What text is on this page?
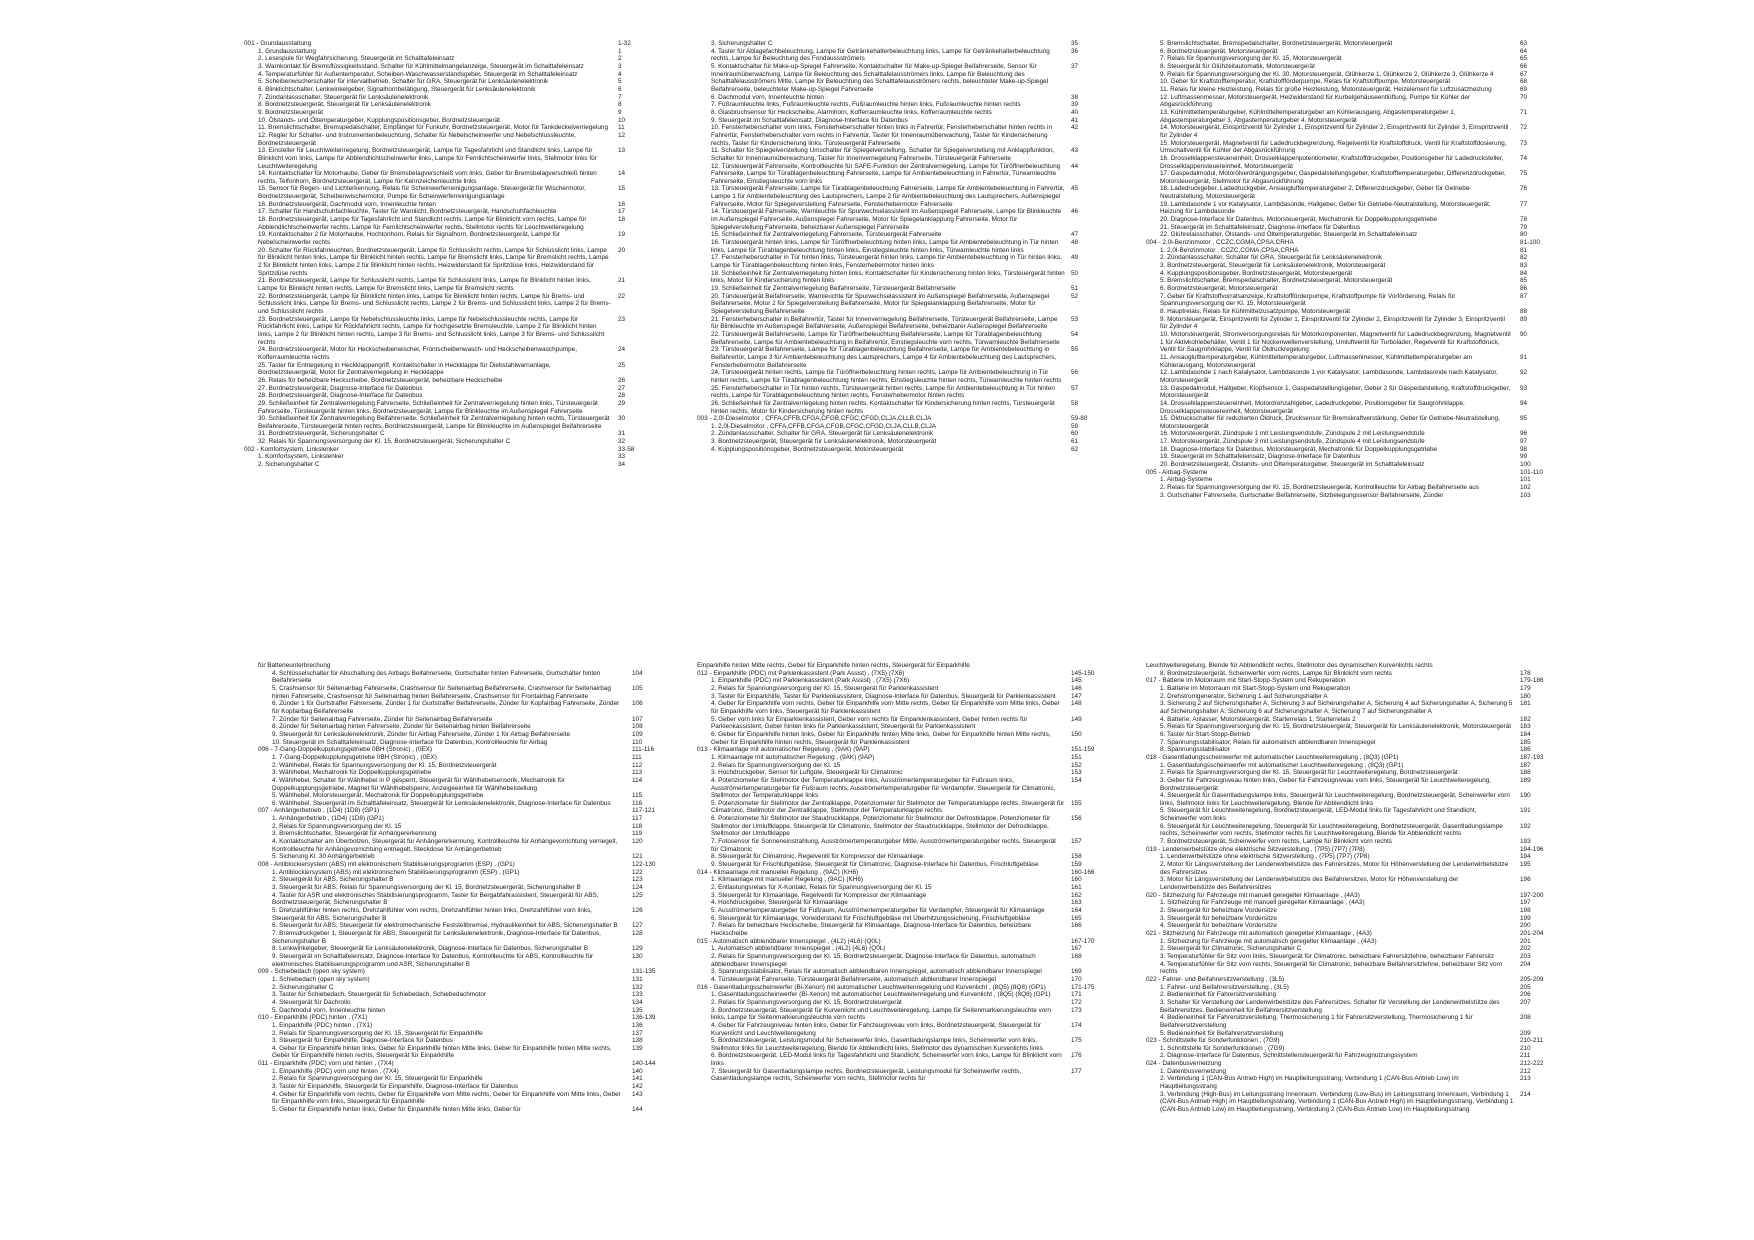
001 - Grundausstattung	1-32
1. Grundausstattung	1
2. Lesespule für Wegfahrsicherung, Steuergerät im Schalttafeleinsatz	2
3. Warnkontakt für Bremsflüssigkeitsstand, Schalter für Kühlmittelmangelanzeige, Steuergerät im Schalttafeleinsatz	3
4. Temperaturfühler für Außentemperatur, Scheiben-Waschwasserstandsgeber, Steuergerät im Schalttafeleinsatz	4
5. Scheibenwischerschalter für intervallbetrieb, Schalter für GRA, Steuergerät für Lenksäulenelektronik	5
6. Blinklichtschalter, Lenkwinkelgeber, Signalhornbetätigung, Steuergerät für Lenksäulenelektronik	6
7. Zündanlassschalter, Steuergerät für Lenksäulenelektronik	7
8. Bordnetzsteuergerät, Steuergerät für Lenksäulenelektronik	8
9. Bordnetzsteuergerät	9
10. Ölstands- und Öltemperaturgeber, Kupplungspositionsgeber, Bordnetzsteuergerät	10
11. Bremslichtschalter, Bremspedalschalter, Empfänger für Funkuhr, Bordnetzsteuergerät, Motor für Tankdeckelverriegelung	11
12. Regler für Schalter- und Instrumentenbeleuchtung, Schalter für Nebelscheinwerfer und Nebelschlussleuchte, Bordnetzsteuergerät
12
13. Einsteller für Leuchtweitenregelung, Bordnetzsteuergerät, Lampe für Tagesfahrlicht und Standlicht links, Lampe für Blinklicht vorn links, Lampe für Abblendlichtscheinwerfer links, Lampe für Fernlichtscheinwerfer links, Stellmotor links für Leuchtweiteregelung
13
14. Kontaktschalter für Motorhaube, Geber für Bremsbelagverschleiß vorn links, Geber für Bremsbelagverschleiß hinten rechts, Telfonhorn, Bordnetzsteuergerät, Lampe für Kennzeichenleuchte links
14
15. Sensor für Regen- und Lichterkennung, Relais für Scheinwerferreinigungsanlage, Steuergerät für Wischermotor, Bordnetzsteuergerät, Scheibenwischermotor, Pumpe für Scheinwerferreinigungsanlage
15
16. Bordnetzsteuergerät, Dachmodul vorn, Innenleuchte hinten	16
17. Schalter für Handschuhfachleuchte, Taster für Warnlicht, Bordnetzsteuergerät, Handschuhfachleuchte	17
18. Bordnetzsteuergerät, Lampe für Tagesfahrlicht und Standlicht rechts, Lampe für Blinklicht vorn rechts, Lampe für Abblendlichtscheinwerfer rechts, Lampe für Fernlichtscheinwerfer rechts, Stellmotor rechts für Leuchtweiteregelung
18
19. Kontaktschalter 2 für Motorhaube, Hochtonhorn, Relais für Signalhorn, Bordnetzsteuergerät, Lampe für Nebelscheinwerfer rechts
19
20. Schalter für Rückfahrleuchten, Bordnetzsteuergerät, Lampe für Schlusslicht rechts, Lampe für Schlusslicht links, Lampe für Blinklicht hinten links, Lampe für Blinklicht hinten rechts, Lampe für Bremslicht links, Lampe für Bremslicht rechts, Lampe 2 für Blinklicht hinten links, Lampe 2 für Blinklicht hinten rechts, Heizwiderstand für Spritzdüse links, Heizwiderstand für Spritzdüse rechts
20
21. Bordnetzsteuergerät, Lampe für Schlusslicht rechts, Lampe für Schlusslicht links, Lampe für Blinklicht hinten links, Lampe für Blinklicht hinten rechts, Lampe für Bremslicht links, Lampe für Bremslicht rechts
21
22. Bordnetzsteuergerät, Lampe für Blinklicht hinten links, Lampe für Blinklicht hinten rechts, Lampe für Brems- und Schlusslicht links, Lampe für Brems- und Schlusslicht rechts, Lampe 2 für Brems- und Schlusslicht links, Lampe 2 für Brems- und Schlusslicht rechts
22
23. Bordnetzsteuergerät, Lampe für Nebelschlussleuchte links, Lampe für Nebelschlussleuchte rechts, Lampe für Rückfahrlicht links, Lampe für Rückfahrlicht rechts, Lampe für hochgesetzte Bremsleuchte, Lampe 2 für Blinklicht hinten links, Lampe 2 für Blinklicht hinten rechts, Lampe 3 für Brems- und Schlusslicht links, Lampe 3 für Brems- und Schlusslicht rechts
23
24. Bordnetzsteuergerät, Motor für Heckscheibenwischer, Frontscheibenwasch- und Heckscheibenwaschpumpe, Kofferraumleuchte rechts
24
25. Taster für Entriegelung in Heckklappengriff, Kontaktschalter in Heckklappe für Diebstahlwarnanlage, Bordnetzsteuergerät, Motor für Zentralverriegelung in Heckklappe
25
26. Relais für beheizbare Heckscheibe, Bordnetzsteuergerät, beheizbare Heckscheibe	26
27. Bordnetzsteuergerät, Diagnose-Interface für Datenbus	27
28. Bordnetzsteuergerät, Diagnose-Interface für Datenbus	28
29. Schließeinheit für Zentralverriegelung Fahrerseite, Schließeinheit für Zentralverriegelung hinten links, Türsteuergerät Fahrerseite, Türsteuergerät hinten links, Bordnetzsteuergerät, Lampe für Blinkleuchte im Außenspiegel Fahrerseite
29
30. Schließeinheit für Zentralverriegelung Beifahrerseite, Schließeinheit für Zentralverriegelung hinten rechts, Türsteuergerät Beifahrerseite, Türsteuergerät hinten rechts, Bordnetzsteuergerät, Lampe für Blinkleuchte im Außenspiegel Beifahrerseite
30
31. Bordnetzsteuergerät, Sicherungshalter C	31
32. Relais für Spannungsversorgung der Kl. 15, Bordnetzsteuergerät, Sicherungshalter C	32
002 - Komfortsystem, Linkslenker	33-58
1. Komfortsystem, Linkslenker	33
2. Sicherungshalter C	34
3. Sicherungshalter C	35
4. Taster für Ablagefachbeleuchtung, Lampe für Getränkehalterbeleuchtung links, Lampe für Getränkehalterbeleuchtung rechts, Lampe für Beleuchtung des Fondaussströmers
36
5. Kontaktschalter für Make-up-Spiegel Fahrerseite, Kontaktschalter für Make-up-Spiegel Beifahrerseite, Sensor für Innenraumüberwachung, Lampe für Beleuchtung des Schalttafelausströmers links, Lampe für Beleuchtung des Schalttafelausströmers Mitte, Lampe für Beleuchtung des Schalttafelausströmers rechts, beleuchteter Make-up-Spiegel Beifahrerseite, beleuchteter Make-up-Spiegel Fahrerseite
37
6. Dachmodul vorn, Innenleuchte hinten	38
7. Fußraumleuchte links, Fußraumleuchte rechts, Fußraumleuchte hinten links, Fußraumleuchte hinten rechts	39
8. Glasbruchsensor für Heckscheibe, Alarmhorn, Kofferraumleuchte links, Kofferraumleuchte rechts	40
9. Steuergerät im Schalttafeleinsatz, Diagnose-Interface für Datenbus	41
10. Fensterheberschalter vorn links, Fensterheberschalter hinten links in Fahrertür, Fensterheberschalter hinten rechts in Fahrertür, Fensterheberschalter vorn rechts in Fahrertür, Taster für Innenraumüberwachung, Taster für Kindersicherung rechts, Taster für Kindersicherung links, Türsteuergerät Fahrerseite
42
11. Schalter für Spiegelverstellung Umschalter für Spiegelverstellung, Schalter für Spiegelverstellung mit Anklappfunktion, Schalter für Innenraumüberwachung, Taster für Innenverriegelung Fahrerseite, Türsteuergerät Fahrerseite
43
12. Türsteuergerät Fahrerseite, Kontrollleuchte für SAFE-Funktion der Zentralverriegelung, Lampe für Türöffnerbeleuchtung Fahrerseite, Lampe für Türablagenbeleuchtung Fahrerseite, Lampe für Ambientebeleuchtung in Fahrertür, Türwarnleuchte Fahrerseite, Einstiegsleuchte vorn links
44
13. Türsteuergerät Fahrerseite, Lampe für Türablagenbeleuchtung Fahrerseite, Lampe für Ambientebeleuchtung in Fahrertür, Lampe 1 für Ambientebeleuchtung des Lautsprechers, Lampe 2 für Ambientebeleuchtung des Lautsprechers, Außenspiegel Fahrerseite, Motor für Spiegelverstellung Fahrerseite, Fensterhebermotor Fahrerseite
45
14. Türsteuergerät Fahrerseite, Warnleuchte für Spurwechselassistent im Außenspiegel Fahrerseite, Lampe für Blinkleuchte im Außenspiegel Fahrerseite, Außenspiegel Fahrerseite, Motor für Spiegelanklappung Fahrerseite, Motor für Spiegelverstellung Fahrerseite, beheizbarer Außenspiegel Fahrerseite
46
15. Schließeinheit für Zentralverriegelung Fahrerseite, Türsteuergerät Fahrerseite	47
16. Türsteuergerät hinten links, Lampe für Türöffnerbeleuchtung hinten links, Lampe für Ambientebeleuchtung in Tür hinten links, Lampe für Türablagenbeleuchtung hinten links, Einstiegsleuchte hinten links, Türwarnleuchte hinten links
48
17. Fensterheberschalter in Tür hinten links, Türsteuergerät hinten links, Lampe für Ambientebeleuchtung in Tür hinten links, Lampe für Türablagenbeleuchtung hinten links, Fensterhebermotor hinten links
49
18. Schließeinheit für Zentralverriegelung hinten links, Kontaktschalter für Kindersicherung hinten links, Türsteuergerät hinten links, Motor für Kindersicherung hinten links
50
19. Schließeinheit für Zentralverriegelung Beifahrerseite, Türsteuergerät Beifahrerseite	51
20. Türsteuergerät Beifahrerseite, Warnleuchte für Spurwechselassistent im Außenspiegel Beifahrerseite, Außenspiegel Beifahrerseite, Motor 2 für Spiegelverstellung Beifahrerseite, Motor für Spiegelanklappung Beifahrerseite, Motor für Spiegelverstellung Beifahrerseite
52
21. Fensterheberschalter in Beifahrertür, Taster für Innenverriegelung Beifahrerseite, Türsteuergerät Beifahrerseite, Lampe für Blinkleuchte im Außenspiegel Beifahrerseite, Außenspiegel Beifahrerseite, beheizbarer Außenspiegel Beifahrerseite
53
22. Türsteuergerät Beifahrerseite, Lampe für Türöffnerbeleuchtung Beifahrerseite, Lampe für Türablagenbeleuchtung Beifahrerseite, Lampe für Ambientebeleuchtung in Beifahrertür, Einstiegsleuchte vorn rechts, Türwarnleuchte Beifahrerseite
54
23. Türsteuergerät Beifahrerseite, Lampe für Türablagenbeleuchtung Beifahrerseite, Lampe für Ambientebeleuchtung in Beifahrertür, Lampe 3 für Ambientebeleuchtung des Lautsprechers, Lampe 4 für Ambientebeleuchtung des Lautsprechers, Fensterhebermotor Beifahrerseite
55
24. Türsteuergerät hinten rechts, Lampe für Türöffnerbeleuchtung hinten rechts, Lampe für Ambientebeleuchtung in Tür hinten rechts, Lampe für Türablagenbeleuchtung hinten rechts, Einstiegsleuchte hinten rechts, Türwarnleuchte hinten rechts
56
25. Fensterheberschalter in Tür hinten rechts, Türsteuergerät hinten rechts, Lampe für Ambientebeleuchtung in Tür hinten rechts, Lampe für Türablagenbeleuchtung hinten rechts, Fensterhebermotor hinten rechts
57
26. Schließeinheit für Zentralverriegelung hinten rechts, Kontaktschalter für Kindersicherung hinten rechts, Türsteuergerät hinten rechts, Motor für Kindersicherung hinten rechts
58
003 - 2,0l-Dieselmotor , CFFA,CFFB,CFGA,CFGB,CFGC,CFGD,CLJA,CLLB,CLJA	59-80
1. 2,0l-Dieselmotor , CFFA,CFFB,CFGA,CFGB,CFGC,CFGD,CLJA,CLLB,CLJA	59
2. Zündanlassschalter, Schalter für GRA, Steuergerät für Lenksäulenelektronik	60
3. Bordnetzsteuergerät, Steuergerät für Lenksäulenelektronik, Motorsteuergerät	61
4. Kupplungspositionsgeber, Bordnetzsteuergerät, Motorsteuergerät	62
5. Bremslichtschalter, Bremspedalschalter, Bordnetzsteuergerät, Motorsteuergerät	63
6. Bordnetzsteuergerät, Motorsteuergerät	64
7. Relais für Spannungsversorgung der Kl. 15, Motorsteuergerät	65
8. Steuergerät für Glühzeitautomatik, Motorsteuergerät	66
9. Relais für Spannungsversorgung der Kl. 30, Motorsteuergerät, Glühkerze 1, Glühkerze 2, Glühkerze 3, Glühkerze 4	67
10. Geber für Kraftstofftemperatur, Kraftstoffförderpumpe, Relais für Kraftstoffpumpe, Motorsteuergerät	68
11. Relais für kleine Heizleistung, Relais für große Heizleistung, Motorsteuergerät, Heizelement für Luftzusatzheizung	69
12. Luftmassenmesser, Motorsteuergerät, Heizwiderstand für Kurbelgehäuseentlüftung, Pumpe für Kühler der Abgasrückführung
70
13. Kühlmitteltemperaturgeber, Kühlmitteltemperaturgeber am Kühlerausgang, Abgastemperaturgeber 1, Abgastemperaturgeber 3, Abgastemperaturgeber 4, Motorsteuergerät
71
14. Motorsteuergerät, Einspritzventil für Zylinder 1, Einspritzventil für Zylinder 2, Einspritzventil für Zylinder 3, Einspritzventil für Zylinder 4
72
15. Motorsteuergerät, Magnetventil für Ladedruckbegrenzung, Regelventil für Kraftstoffdruck, Ventil für Kraftstoffdosierung, Umschaltventil für Kühler der Abgasrückführung
73
16. Drosselklappensteuereinheit, Drosselklappenpotentiometer, Kraftstoffdruckgeber, Positionsgeber für Ladedrucksteller, Drosselklappensteuereinheit, Motorsteuergerät
74
17. Gaspedalmodul, Motorölverdrängungsgeber, Gaspedalstellungsgeber, Kraftstofftemperaturgeber, Differenzdruckgeber, Motorsteuergerät, Stellmotor für Abgasrückführung
75
18. Ladedruckgeber, Ladedruckgeber, Ansauglufttemperaturgeber 2, Differenzdruckgeber, Geber für Getriebe-Neutralstellung, Motorsteuergerät
76
19. Lambdasonde 1 vor Katalysator, Lambdasonde, Hallgeber, Geber für Getriebe-Neutralstellung, Motorsteuergerät, Heizung für Lambdasonde
77
20. Diagnose-Interface für Datenbus, Motorsteuergerät, Mechatronik für Doppelkupplungsgetriebe	78
21. Steuergerät im Schalttafeleinsatz, Diagnose-Interface für Datenbus	79
22. Glührelaisschalter, Ölstands- und Öltemperaturgeber, Steuergerät im Schalttafeleinsatz	80
004 - 2,0l-Benzinmotor , CCZC,CGMA,CPSA,CRHA	81-100
1. 2,0l-Benzinmotor , CCZC,CGMA,CPSA,CRHA	81
2. Zündanlassschalter, Schalter für GRA, Steuergerät für Lenksäulenelektronik	82
3. Bordnetzsteuergerät, Steuergerät für Lenksäulenelektronik, Motorsteuergerät	83
4. Kupplungspositionsgeber, Bordnetzsteuergerät, Motorsteuergerät	84
5. Bremslichtschalter, Bremspedalschalter, Bordnetzsteuergerät, Motorsteuergerät	85
6. Bordnetzsteuergerät, Motorsteuergerät	86
7. Geber für Kraftstoffvorratsanzeige, Kraftstoffförderpumpe, Kraftstoffpumpe für Vorförderung, Relais für Spannungsversorgung der Kl. 15, Motorsteuergerät
87
8. Hauptrelais, Relais für Kühlmittelzusatzpumpe, Motorsteuergerät	88
9. Motorsteuergerät, Einspritzventil für Zylinder 1, Einspritzventil für Zylinder 2, Einspritzventil für Zylinder 3, Einspritzventil für Zylinder 4
89
10. Motorsteuergerät, Stromversorgungsrelais für Motorkomponenten, Magnetventil für Ladedruckbegrenzung, Magnetventil 1 für Aktivkohlebehälter, Ventil 1 für Nockenwellenverstellung, Umluftventil für Turbolader, Regelventil für Kraftstoffdruck, Ventil für Saugrohrklappe, Ventil für Öldruckregelung
90
11. Ansauglufttemperaturgeber, Kühlmitteltemperaturgeber, Luftmassenmesser, Kühlmitteltemperaturgeber am Kühlerausgang, Motorsteuergerät
91
12. Lambdasonde 1 nach Katalysator, Lambdasonde 1 vor Katalysator, Lambdasonde, Lambdasonde nach Katalysator, Motorsteuergerät
92
13. Gaspedalmodul, Hallgeber, Klopfsensor 1, Gaspedalstellungsgeber, Geber 2 für Gaspedalstellung, Kraftstoffdruckgeber, Motorsteuergerät
93
14. Drosselklappensteuereinheit, Motordrehzahlgeber, Ladedruckgeber, Positionsgeber für Saugrohrklappe, Drosselklappensteuereinheit, Motorsteuergerät
94
15. Öldruckschalter für reduzierten Öldruck, Drucksensor für Bremskraftverstärkung, Geber für Getriebe-Neutralstellung, Motorsteuergerät
95
16. Motorsteuergerät, Zündspule 1 mit Leistungsendstufe, Zündspule 2 mit Leistungsendstufe	96
17. Motorsteuergerät, Zündspule 3 mit Leistungsendstufe, Zündspule 4 mit Leistungsendstufe	97
18. Diagnose-Interface für Datenbus, Motorsteuergerät, Mechatronik für Doppelkupplungsgetriebe	98
19. Steuergerät im Schalttafeleinsatz, Diagnose-Interface für Datenbus	99
20. Bordnetzsteuergerät, Ölstands- und Öltemperaturgeber, Steuergerät im Schalttafeleinsatz	100
005 - Airbag-Systeme	101-110
1. Airbag-Systeme	101
2. Relais für Spannungsversorgung der Kl. 15, Bordnetzsteuergerät, Kontrollleuchte für Airbag Beifahrerseite aus	102
3. Gurtschalter Fahrerseite, Gurtschalter Beifahrerseite, Sitzbelegungssensor Beifahrerseite, Zünder	103
für Batterieunterbrechung
4. Schlüsselschalter für Abschaltung des Airbags Beifahrerseite, Gurtschalter hinten Fahrerseite, Gurtschalter hinten Beifahrerseite
104
5. Crashsensor für Seitenairbag Fahrerseite, Crashsensor für Seitenairbag Beifahrerseite, Crashsensor für Seitenairbag hinten Fahrerseite, Crashsensor für Seitenairbag hinten Beifahrerseite, Crashsensor für Frontairbag Fahrerseite
105
6. Zünder 1 für Gurtstraffer Fahrerseite, Zünder 1 für Gurtstraffer Beifahrerseite, Zünder für Kopfairbag Fahrerseite, Zünder für Kopfairbag Beifahrerseite
106
7. Zünder für Seitenairbag Fahrerseite, Zünder für Seitenairbag Beifahrerseite	107
8. Zünder für Seitenairbag hinten Fahrerseite, Zünder für Seitenairbag hinten Beifahrerseite	108
9. Steuergerät für Lenksäulenelektronik, Zünder für Airbag Fahrerseite, Zünder 1 für Airbag Beifahrerseite	109
10. Steuergerät im Schalttafeleinsatz, Diagnose-Interface für Datenbus, Kontrollleuchte für Airbag	110
006 - 7-Gang-Doppelkupplungsgetriebe 0BH (Stronic) , (0EX)	111-116
1. 7-Gang-Doppelkupplungsgetriebe 0BH (Stronic) , (0EX)	111
2. Wählhebel, Relais für Spannungsversorgung der Kl. 15, Bordnetzsteuergerät	112
3. Wählhebel, Mechatronik für Doppelkupplungsgetriebe	113
4. Wählhebel, Schalter für Wählhebel in P gesperrt, Steuergerät für Wählhebelsensorik, Mechatronik für Doppelkupplungsgetriebe, Magnet für Wählhebelsperre, Anzeigeeinheit für Wählhebelstellung
114
5. Wählhebel, Motorsteuergerät, Mechatronik für Doppelkupplungsgetriebe	115
6. Wählhebel, Steuergerät im Schalttafeleinsatz, Steuergerät für Lenksäulenelektronik, Diagnose-Interface für Datenbus	116
007 - Anhängerbetrieb , (1D4) (1D8) (GP1)	117-121
1. Anhängerbetrieb , (1D4) (1D8) (GP1)	117
2. Relais für Spannungsversorgung der Kl. 15	118
3. Bremslichtschalter, Steuergerät für Anhängererkennung	119
4. Kontaktschalter am Überbolzen, Steuergerät für Anhängererkennung, Kontrollleuchte für Anhängevorrichtung verriegelt, Kontrollleuchte für Anhängevorrichtung entriegelt, Steckdose für Anhängerbetrieb
120
5. Sicherung Kl. 30 Anhängerbetrieb	121
008 - Antiblockiersystem (ABS) mit elektronischem Stabilisierungsprogramm (ESP) , (GP1)	122-130
1. Antiblockiersystem (ABS) mit elektronischem Stabilisierungsprogramm (ESP) , (GP1)	122
2. Steuergerät für ABS, Sicherungshalter B	123
3. Steuergerät für ABS, Relais für Spannungsversorgung der Kl. 15, Bordnetzsteuergerät, Sicherungshalter B	124
4. Taster für ASR und elektronisches Stabilisierungsprogramm, Taster für Bergabfahrassistent, Steuergerät für ABS, Bordnetzsteuergerät, Sicherungshalter B
125
5. Drehzahlfühler hinten rechts, Drehzahlfühler vorn rechts, Drehzahlfühler hinten links, Drehzahlfühler vorn links, Steuergerät für ABS, Sicherungshalter B
126
6. Steuergerät für ABS, Steuergerät für elektromechanische Feststellbremse, Hydraulikeinheit für ABS, Sicherungshalter B	127
7. Bremsdruckgeber 1, Steuergerät für ABS, Steuergerät für Lenksäulenelektronik, Diagnose-Interface für Datenbus, Sicherungshalter B
128
8. Lenkwinkelgeber, Steuergerät für Lenksäulenelektronik, Diagnose-Interface für Datenbus, Sicherungshalter B	129
9. Steuergerät im Schalttafeleinsatz, Diagnose-Interface für Datenbus, Kontrollleuchte für ABS, Kontrollleuchte für elektronisches Stabilisierungsprogramm und ASR, Sicherungshalter B
130
009 - Schiebedach (open sky system)	131-135
1. Schiebedach (open sky system)	131
2. Sicherungshalter C	132
3. Taster für Schiebedach, Steuergerät für Schiebedach, Schiebedachmotor	133
4. Steuergerät für Dachrollo	134
5. Dachmodul vorn, Innenleuchte hinten	135
010 - Einparkhilfe (PDC) hinten , (7X1)	136-139
1. Einparkhilfe (PDC) hinten , (7X1)	136
2. Relais für Spannungsversorgung der Kl. 15, Steuergerät für Einparkhilfe	137
3. Steuergerät für Einparkhilfe, Diagnose-Interface für Datenbus	138
4. Geber für Einparkhilfe hinten links, Geber für Einparkhilfe hinten Mitte links, Geber für Einparkhilfe hinten Mitte rechts, Geber für Einparkhilfe hinten rechts, Steuergerät für Einparkhilfe
139
011 - Einparkhilfe (PDC) vorn und hinten , (7X4)	140-144
1. Einparkhilfe (PDC) vorn und hinten , (7X4)	140
2. Relais für Spannungsversorgung der Kl. 15, Steuergerät für Einparkhilfe	141
3. Taster für Einparkhilfe, Steuergerät für Einparkhilfe, Diagnose-Interface für Datenbus	142
4. Geber für Einparkhilfe vorn rechts, Geber für Einparkhilfe vorn Mitte rechts, Geber für Einparkhilfe vorn Mitte links, Geber für Einparkhilfe vorn links, Steuergerät für Einparkhilfe
143
5. Geber für Einparkhilfe hinten links, Geber für Einparkhilfe hinten Mitte links, Geber für	144
Einparkhilfe hinten Mitte rechts, Geber für Einparkhilfe hinten rechts, Steuergerät für Einparkhilfe
012 - Einparkhilfe (PDC) mit Parklenkassistent (Park Assist) , (7X5) (7X6)	145-150
1. Einparkhilfe (PDC) mit Parklenkassistent (Park Assist) , (7X5) (7X6)	145
2. Relais für Spannungsversorgung der Kl. 15, Steuergerät für Parklenkassistent	146
3. Taster für Einparkhilfe, Taster für Parklenkassistent, Diagnose-Interface für Datenbus, Steuergerät für Parklenkassistent	147
4. Geber für Einparkhilfe vorn rechts, Geber für Einparkhilfe vorn Mitte rechts, Geber für Einparkhilfe vorn Mitte links, Geber für Einparkhilfe vorn links, Steuergerät für Parklenkassistent
148
5. Geber vorn links für Einparklenkassistent, Geber vorn rechts für Einparklenkassistent, Geber hinten rechts für Parklenkassistent, Geber hinten links für Parklenkassistent, Steuergerät für Parklenkassistent
149
6. Geber für Einparkhilfe hinten links, Geber für Einparkhilfe hinten Mitte links, Geber für Einparkhilfe hinten Mitte rechts, Geber für Einparkhilfe hinten rechts, Steuergerät für Parklenkassistent
150
013 - Klimaanlage mit automatischer Regelung , (9AK) (9AP)	151-159
1. Klimaanlage mit automatischer Regelung , (9AK) (9AP)	151
2. Relais für Spannungsversorgung der Kl. 15	152
3. Hochdruckgeber, Sensor für Luftgüte, Steuergerät für Climatronic	153
4. Potenziometer für Stellmotor der Temperaturklappe links, Ausströmertemperaturgeber für Fußraum links, Ausströmertemperaturgeber für Fußraum rechts, Ausströmertemperaturgeber für Verdampfer, Steuergerät für Climatronic, Stellmotor der Temperaturklappe links
154
5. Potenziometer für Stellmotor der Zentralklappe, Potenziometer für Stellmotor der Temperaturklappe rechts, Steuergerät für Climatronic, Stellmotor der Zentralklappe, Stellmotor der Temperaturklappe rechts
155
6. Potenziometer für Stellmotor der Staudruckklappe, Potenziometer für Stellmotor der Defrostklappe, Potenziometer für Stellmotor der Umluftklappe, Steuergerät für Climatronic, Stellmotor der Staudruckklappe, Stellmotor der Defrostklappe, Stellmotor der Umluftklappe
156
7. Fotosensor für Sonneneinstrahlung, Ausströmertemperaturgeber Mitte, Ausströmertemperaturgeber rechts, Steuergerät für Climatronic
157
8. Steuergerät für Climatronic, Regelventil für Kompressor der Klimaanlage	158
9. Steuergerät für Frischluftgebläse, Steuergerät für Climatronic, Diagnose-Interface für Datenbus, Frischluftgebläse	159
014 - Klimaanlage mit manueller Regelung , (9AC) (KH6)	160-166
1. Klimaanlage mit manueller Regelung , (9AC) (KH6)	160
2. Entlastungsrelais für X-Kontakt, Relais für Spannungsversorgung der Kl. 15	161
3. Steuergerät für Klimaanlage, Regelventil für Kompressor der Klimaanlage	162
4. Hochdruckgeber, Steuergerät für Klimaanlage	163
5. Ausströmertemperaturgeber für Fußraum, Ausströmertemperaturgeber für Verdampfer, Steuergerät für Klimaanlage	164
6. Steuergerät für Klimaanlage, Vorwiderstand für Frischluftgebläse mit Überhitzungssicherung, Frischluftgebläse	165
7. Relais für beheizbare Heckscheibe, Steuergerät für Klimaanlage, Diagnose-Interface für Datenbus, beheizbare Heckscheibe
166
015 - Automatisch abblendbarer Innenspiegel , (4L2) (4L6) (Q0L)	167-170
1. Automatisch abblendbarer Innenspiegel , (4L2) (4L6) (Q0L)	167
2. Relais für Spannungsversorgung der Kl. 15, Bordnetzsteuergerät, Diagnose-Interface für Datenbus, automatisch abblendbarer Innenspiegel
168
3. Spannungsstabilisator, Relais für automatisch abblendbaren Innenspiegel, automatisch abblendbarer Innenspiegel	169
4. Türsteuergerät Fahrerseite, Türsteuergerät Beifahrerseite, automatisch abblendbarer Innenspiegel	170
016 - Gasentladungsscheinwerfer (Bi-Xenon) mit automatischer Leuchtweitenregelung und Kurvenlicht , (8Q5) (8Q8) (GP1)	171-175
1. Gasentladungsscheinwerfer (Bi-Xenon) mit automatischer Leuchtweitenregelung und Kurvenlicht , (8Q5) (8Q8) (GP1)	171
2. Relais für Spannungsversorgung der Kl. 15, Bordnetzsteuergerät	172
3. Bordnetzsteuergerät, Steuergerät für Kurvenlicht und Leuchtweiteregelung, Lampe für Seitenmarkierungsleuchte vorn links, Lampe für Seitenmarkierungsleuchte vorn rechts
173
4. Geber für Fahrzeugniveau hinten links, Geber für Fahrzeugniveau vorn links, Bordnetzsteuergerät, Steuergerät für Kurvenlicht und Leuchtweiteregelung
174
5. Bordnetzsteuergerät, Leistungsmodul für Scheinwerfer links, Gasentladungslampe links, Scheinwerfer vorn links, Stellmotor links für Leuchtweiteregelung, Blende für Abblendlicht links, Stellmotor des dynamischen Kurvenlichts links
175
6. Bordnetzsteuergerät, LED-Modul links für Tagesfahrlicht und Standlicht, Scheinwerfer vorn links, Lampe für Blinklicht vorn links
176
7. Steuergerät für Gasentladungslampe rechts, Bordnetzsteuergerät, Leistungsmodul für Scheinwerfer rechts, Gasentladungslampe rechts, Scheinwerfer vorn rechts, Stellmotor rechts für
177
Leuchtweiteregelung, Blende für Abblendlicht rechts, Stellmotor des dynamischen Kurvenlichts rechts
8. Bordnetzsteuergerät, Scheinwerfer vorn rechts, Lampe für Blinklicht vorn rechts	178
017 - Batterie im Motorraum mit Start-Stopp-System und Rekuperation	179-186
1. Batterie im Motorraum mit Start-Stopp-System und Rekuperation	179
2. Drehstromgenerator, Sicherung 1 auf Sicherungshalter A	180
3. Sicherung 2 auf Sicherungshalter A, Sicherung 3 auf Sicherungshalter A, Sicherung 4 auf Sicherungshalter A, Sicherung 5 auf Sicherungshalter A, Sicherung 6 auf Sicherungshalter A, Sicherung 7 auf Sicherungshalter A
181
4. Batterie, Anlasser, Motorsteuergerät, Starterrelais 1, Starterrelais 2	182
5. Relais für Spannungsversorgung der Kl. 15, Bordnetzsteuergerät, Steuergerät für Lenksäulenelektronik, Motorsteuergerät	183
6. Taster für Start-Stopp-Betrieb	184
7. Spannungsstabilisator, Relais für automatisch abblendbaren Innenspiegel	185
8. Spannungsstabilisator	186
018 - Gasentladungsscheinwerfer mit automatischer Leuchtweitenregelung , (8Q3) (GP1)	187-193
1. Gasentladungsscheinwerfer mit automatischer Leuchtweitenregelung , (8Q3) (GP1)	187
2. Relais für Spannungsversorgung der Kl. 15, Steuergerät für Leuchtweiteregelung, Bordnetzsteuergerät	188
3. Geber für Fahrzeugniveau hinten links, Geber für Fahrzeugniveau vorn links, Steuergerät für Leuchtweiteregelung, Bordnetzsteuergerät
189
4. Steuergerät für Gasentladungslampe links, Steuergerät für Leuchtweiteregelung, Bordnetzsteuergerät, Scheinwerfer vorn links, Stellmotor links für Leuchtweiteregelung, Blende für Abblendlicht links
190
5. Steuergerät für Leuchtweiteregelung, Bordnetzsteuergerät, LED-Modul links für Tagesfahrlicht und Standlicht, Scheinwerfer vorn links
191
6. Steuergerät für Leuchtweiteregelung, Steuergerät für Leuchtweiteregelung, Bordnetzsteuergerät, Gasentladungslampe rechts, Scheinwerfer vorn rechts, Stellmotor rechts für Leuchtweiteregelung, Blende für Abblendlicht rechts
192
7. Bordnetzsteuergerät, Scheinwerfer vorn rechts, Lampe für Blinklicht vorn rechts	193
019 - Lendenwirbelstütze ohne elektrische Sitzverstellung , (7P5) (7P7) (7P8)	194-196
1. Lendenwirbelstütze ohne elektrische Sitzverstellung , (7P5) (7P7) (7P8)	194
2. Motor für Längsverstellung der Lendenwirbelstütze des Fahrersitzes, Motor für Höhenverstellung der Lendenwirbelstütze des Fahrersitzes
195
3. Motor für Längsverstellung der Lendenwirbelstütze des Beifahrersitzes, Motor für Höhenverstellung der Lendenwirbelstütze des Beifahrersitzes
196
020 - Sitzheizung für Fahrzeuge mit manuell geregelter Klimaanlage , (4A3)	197-200
1. Sitzheizung für Fahrzeuge mit manuell geregelter Klimaanlage , (4A3)	197
2. Steuergerät für beheizbare Vordersitze	198
3. Steuergerät für beheizbare Vordersitze	199
4. Steuergerät für beheizbare Vordersitze	200
021 - Sitzheizung für Fahrzeuge mit automatisch geregelter Klimaanlage , (4A3)	201-204
1. Sitzheizung für Fahrzeuge mit automatisch geregelter Klimaanlage , (4A3)	201
2. Steuergerät für Climatronic, Sicherungshalter C	202
3. Temperaturfühler für Sitz vorn links, Steuergerät für Climatronic, beheizbare Fahrersitzlehne, beheizbarer Fahrersitz	203
4. Temperaturfühler für Sitz vorn rechts, Steuergerät für Climatronic, beheizbare Beifahrersitzlehne, beheizbarer Sitz vorn rechts
204
022 - Fahrer- und Beifahrersitzverstellung , (3L5)	205-209
1. Fahrer- und Beifahrersitzverstellung , (3L5)	205
2. Bedieneinheit für Fahrersitzverstellung	206
3. Schalter für Verstellung der Lendenwirbelstütze des Fahrersitzes, Schalter für Verstellung der Lendenwirbelstütze des Beifahrersitzes, Bedieneinheit für Beifahrersitzverstellung
207
4. Bedieneinheit für Fahrersitzverstellung, Thermosicherung 1 für Fahrersitzverstellung, Thermosicherung 1 für Beifahrersitzverstellung
208
5. Bedieneinheit für Beifahrersitzverstellung	209
023 - Schnittstelle für Sonderfunktionen , (7G9)	210-211
1. Schnittstelle für Sonderfunktionen , (7G9)	210
2. Diagnose-Interface für Datenbus, Schnittstellensteuergerät für Fahrzeugnutzungssystem	211
024 - Datenbusvernetzung	212-222
1. Datenbusvernetzung	212
2. Verbindung 1 (CAN-Bus Antrieb High) im Hauptleitungsstrang, Verbindung 1 (CAN-Bus Antrieb Low) im Hauptleitungsstrang
213
3. Verbindung (High-Bus) im Leitungsstrang Innenraum, Verbindung (Low-Bus) im Leitungsstrang Innenraum, Verbindung 1 (CAN-Bus Antrieb High) im Hauptleitungsstrang, Verbindung 1 (CAN-Bus Antrieb High) im Hauptleitungsstrang, Verbindung 1 (CAN-Bus Antrieb Low) im Hauptleitungsstrang, Verbindung 2 (CAN-Bus Antrieb Low) im Hauptleitungsstrang
214
